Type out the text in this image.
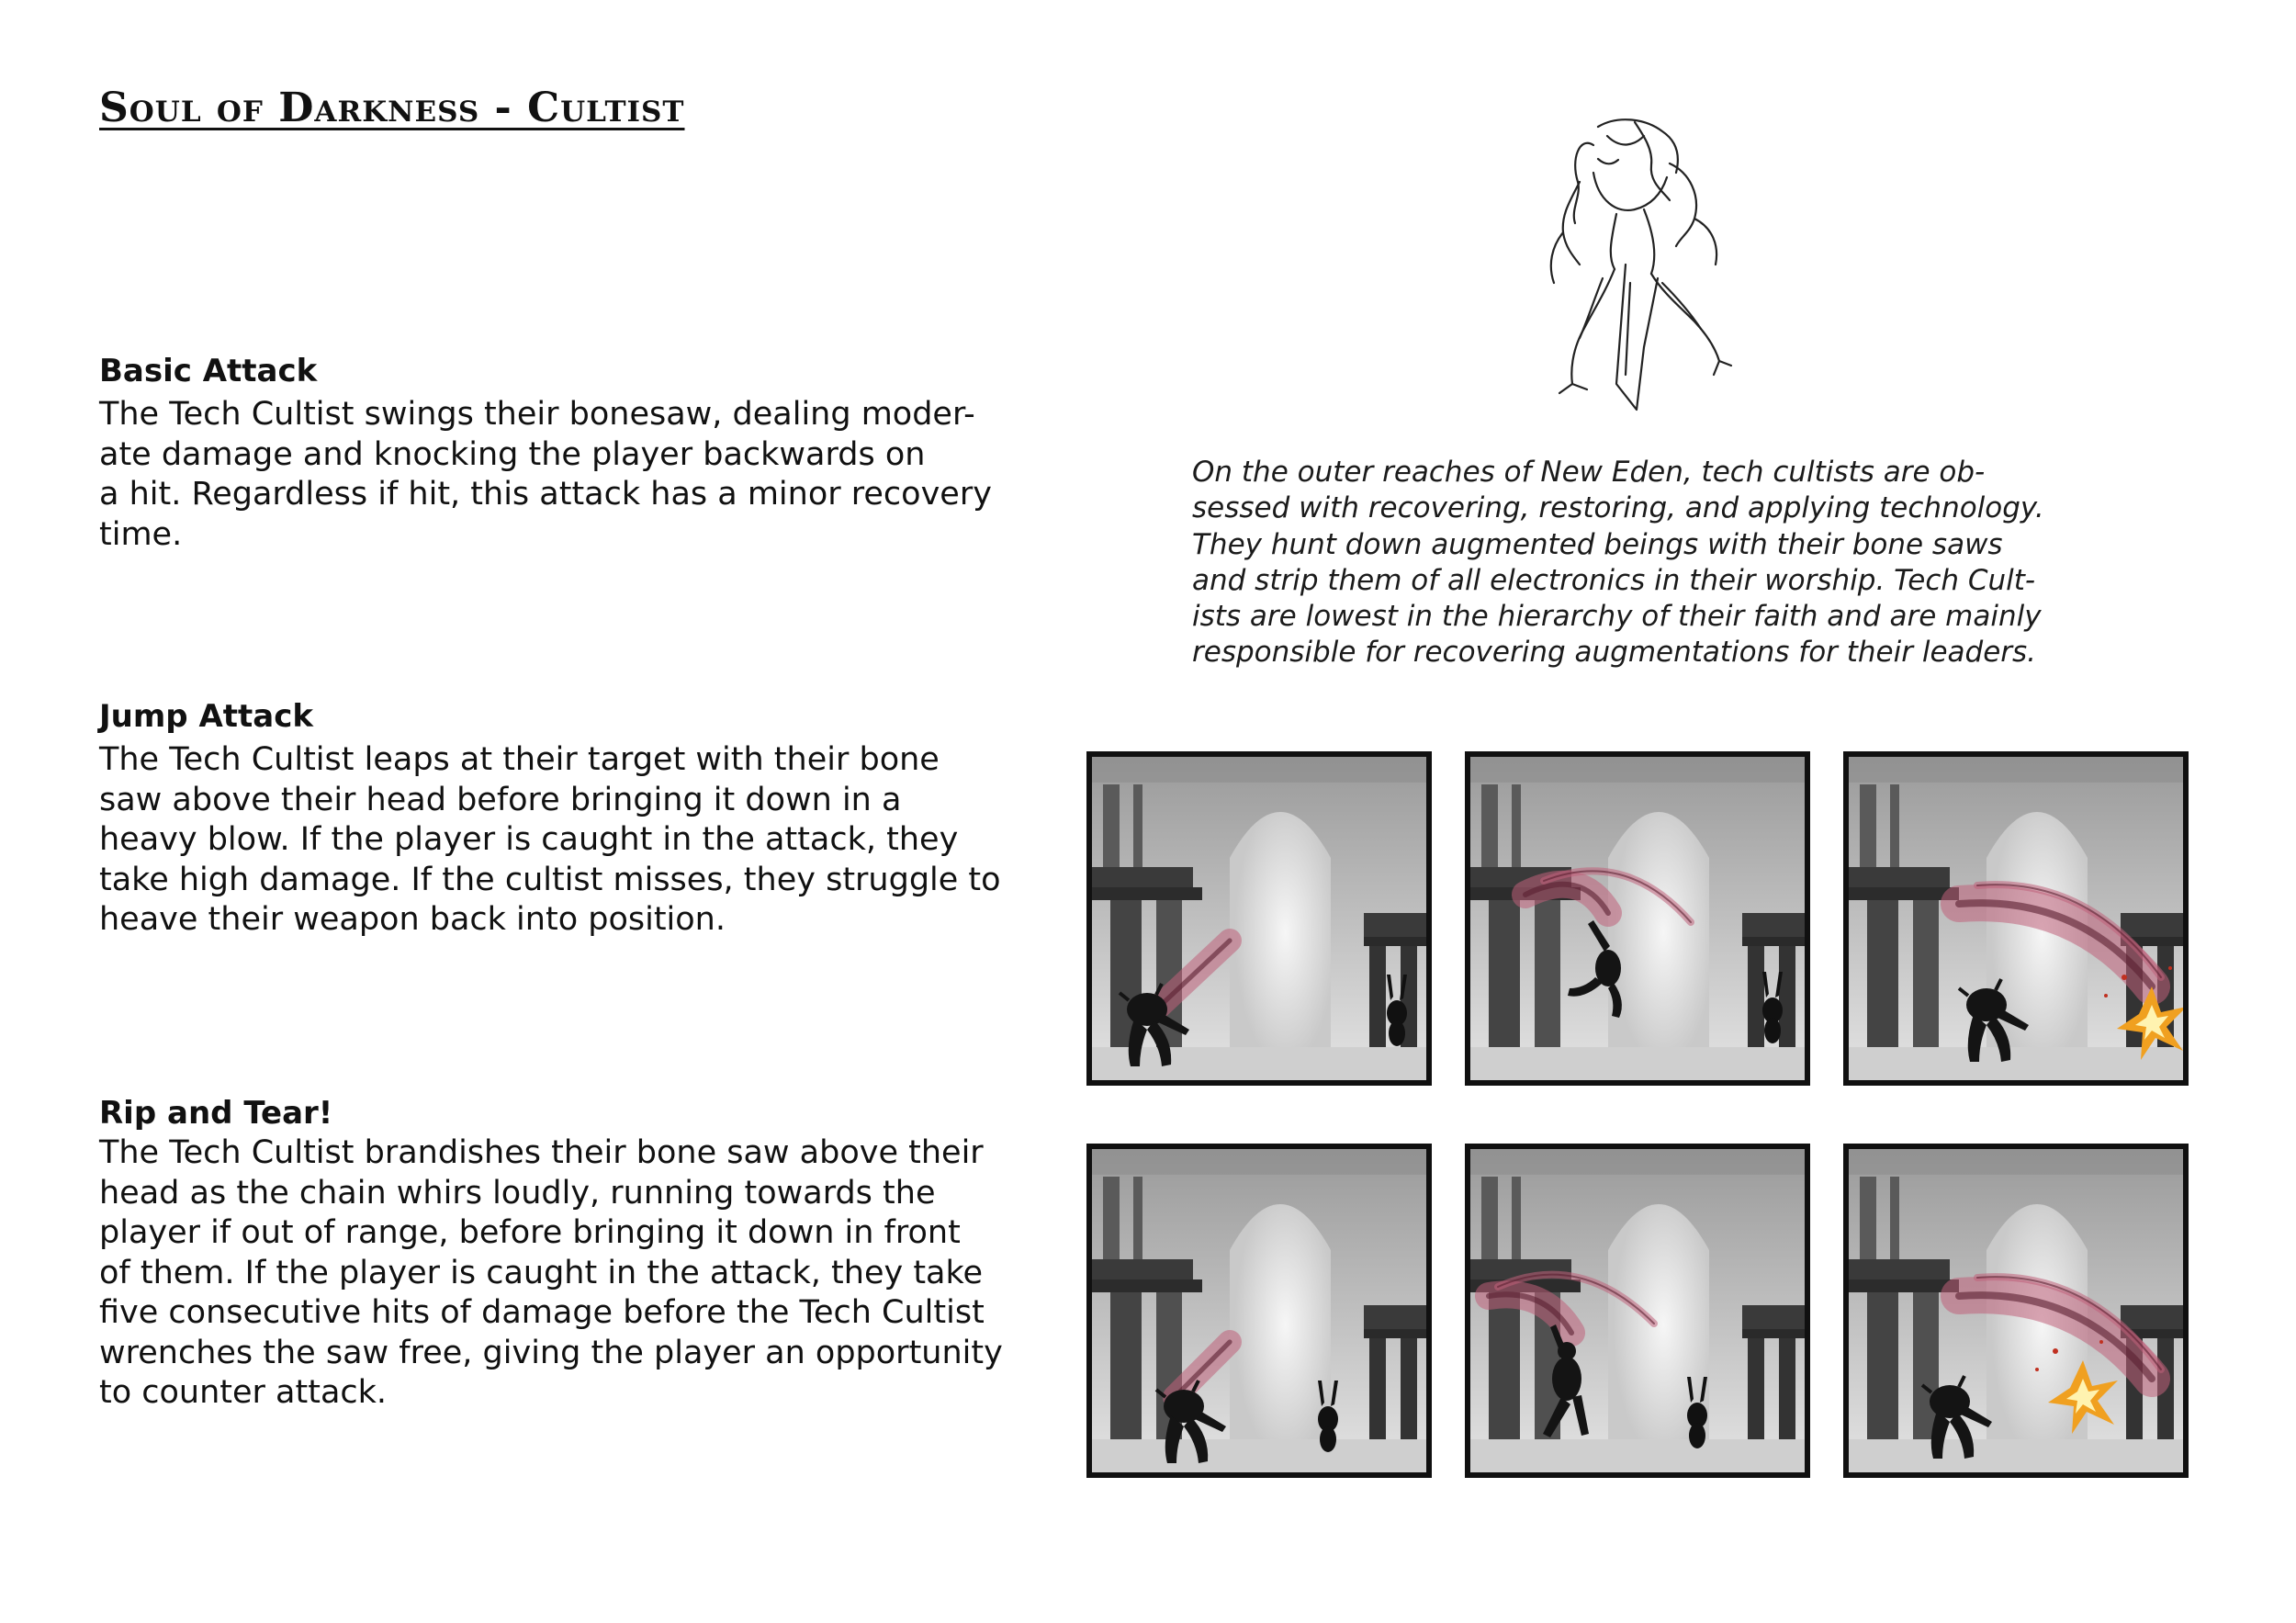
Soul of Darkness - Cultist
Basic Attack

The Tech Cultist swings their bonesaw, dealing moder-
ate damage and knocking the player backwards on
a hit. Regardless if hit, this attack has a minor recovery
time.

Jump Attack

The Tech Cultist leaps at their target with their bone
saw above their head before bringing it down in a
heavy blow. If the player is caught in the attack, they
take high damage. If the cultist misses, they struggle to
heave their weapon back into position.

Rip and Tear!

The Tech Cultist brandishes their bone saw above their
head as the chain whirs loudly, running towards the
player if out of range, before bringing it down in front
of them. If the player is caught in the attack, they take
five consecutive hits of damage before the Tech Cultist
wrenches the saw free, giving the player an opportunity
to counter attack.

On the outer reaches of New Eden, tech cultists are ob-
sessed with recovering, restoring, and applying technology.
They hunt down augmented beings with their bone saws
and strip them of all electronics in their worship. Tech Cult-
ists are lowest in the hierarchy of their faith and are mainly
responsible for recovering augmentations for their leaders.
